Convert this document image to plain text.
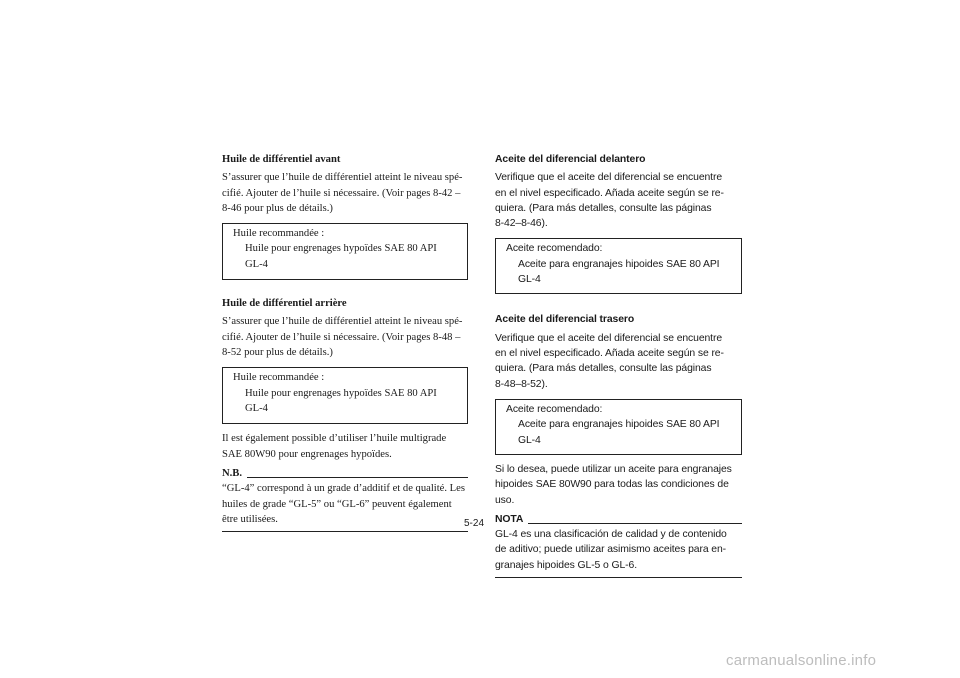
Huile de différentiel avant
S’assurer que l’huile de différentiel atteint le niveau spé-
cifié. Ajouter de l’huile si nécessaire. (Voir pages 8-42 –
8-46 pour plus de détails.)
Huile recommandée :
Huile pour engrenages hypoïdes SAE 80 API
GL-4
Huile de différentiel arrière
S’assurer que l’huile de différentiel atteint le niveau spé-
cifié. Ajouter de l’huile si nécessaire. (Voir pages 8-48 –
8-52 pour plus de détails.)
Huile recommandée :
Huile pour engrenages hypoïdes SAE 80 API
GL-4
Il est également possible d’utiliser l’huile multigrade
SAE 80W90 pour engrenages hypoïdes.
N.B.
“GL-4” correspond à un grade d’additif et de qualité. Les
huiles de grade “GL-5” ou “GL-6” peuvent également
être utilisées.
Aceite del diferencial delantero
Verifique que el aceite del diferencial se encuentre
en el nivel especificado. Añada aceite según se re-
quiera. (Para más detalles, consulte las páginas
8-42–8-46).
Aceite recomendado:
Aceite para engranajes hipoides SAE 80 API
GL-4
Aceite del diferencial trasero
Verifique que el aceite del diferencial se encuentre
en el nivel especificado. Añada aceite según se re-
quiera. (Para más detalles, consulte las páginas
8-48–8-52).
Aceite recomendado:
Aceite para engranajes hipoides SAE 80 API
GL-4
Si lo desea, puede utilizar un aceite para engranajes
hipoides SAE 80W90 para todas las condiciones de
uso.
NOTA
GL-4 es una clasificación de calidad y de contenido
de aditivo; puede utilizar asimismo aceites para en-
granajes hipoides GL-5 o GL-6.
5-24
carmanualsonline.info
